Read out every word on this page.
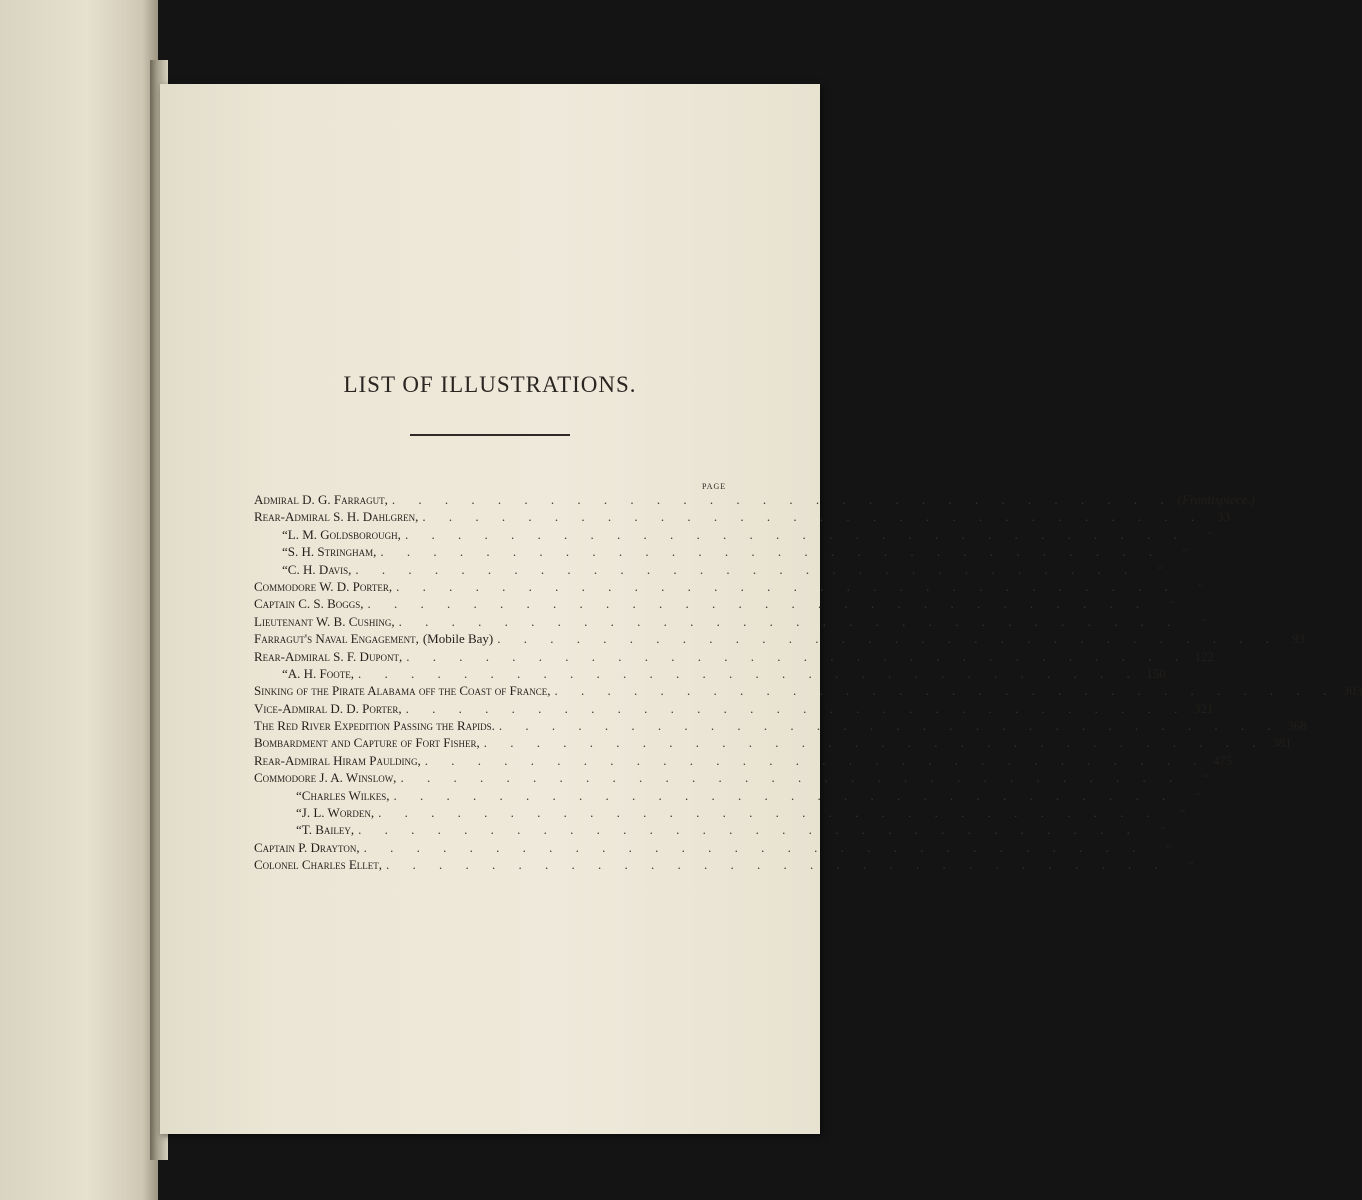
LIST OF ILLUSTRATIONS.
PAGE
Admiral D. G. Farragut, . . . . . . . . . . . . . . . . . . . . . . . . . . . . . . (Frontispiece.)
Rear-Admiral S. H. Dahlgren, . . . . . . . . . . . . . . . . . . . . . . . . . . . . . .	33
“ L. M. Goldsborough, . . . . . . . . . . . . . . . . . . . . . . . . . . . . . .	“
“ S. H. Stringham, . . . . . . . . . . . . . . . . . . . . . . . . . . . . . .	“
“ C. H. Davis, . . . . . . . . . . . . . . . . . . . . . . . . . . . . . .	“
Commodore W. D. Porter, . . . . . . . . . . . . . . . . . . . . . . . . . . . . . .	“
Captain C. S. Boggs, . . . . . . . . . . . . . . . . . . . . . . . . . . . . . .	“
Lieutenant W. B. Cushing, . . . . . . . . . . . . . . . . . . . . . . . . . . . . . .	“
Farragut's Naval Engagement, (Mobile Bay) . . . . . . . . . . . . . . . . . . . . . . . . . . . . . .	93
Rear-Admiral S. F. Dupont, . . . . . . . . . . . . . . . . . . . . . . . . . . . . . . 122
“ A. H. Foote, . . . . . . . . . . . . . . . . . . . . . . . . . . . . . . 150
Sinking of the Pirate Alabama off the Coast of France, . . . . . . . . . . . . . . . . . . . . . . . . . . . . . . 303
Vice-Admiral D. D. Porter, . . . . . . . . . . . . . . . . . . . . . . . . . . . . . . 321
The Red River Expedition Passing the Rapids. . . . . . . . . . . . . . . . . . . . . . . . . . . . . . . 368
Bombardment and Capture of Fort Fisher, . . . . . . . . . . . . . . . . . . . . . . . . . . . . . . 381
Rear-Admiral Hiram Paulding, . . . . . . . . . . . . . . . . . . . . . . . . . . . . . . 475
Commodore J. A. Winslow, . . . . . . . . . . . . . . . . . . . . . . . . . . . . . .	“
“ Charles Wilkes, . . . . . . . . . . . . . . . . . . . . . . . . . . . . . .	“
“ J. L. Worden, . . . . . . . . . . . . . . . . . . . . . . . . . . . . . .	“
“ T. Bailey, . . . . . . . . . . . . . . . . . . . . . . . . . . . . . .	“
Captain P. Drayton, . . . . . . . . . . . . . . . . . . . . . . . . . . . . . .	“
Colonel Charles Ellet, . . . . . . . . . . . . . . . . . . . . . . . . . . . . . .	“
